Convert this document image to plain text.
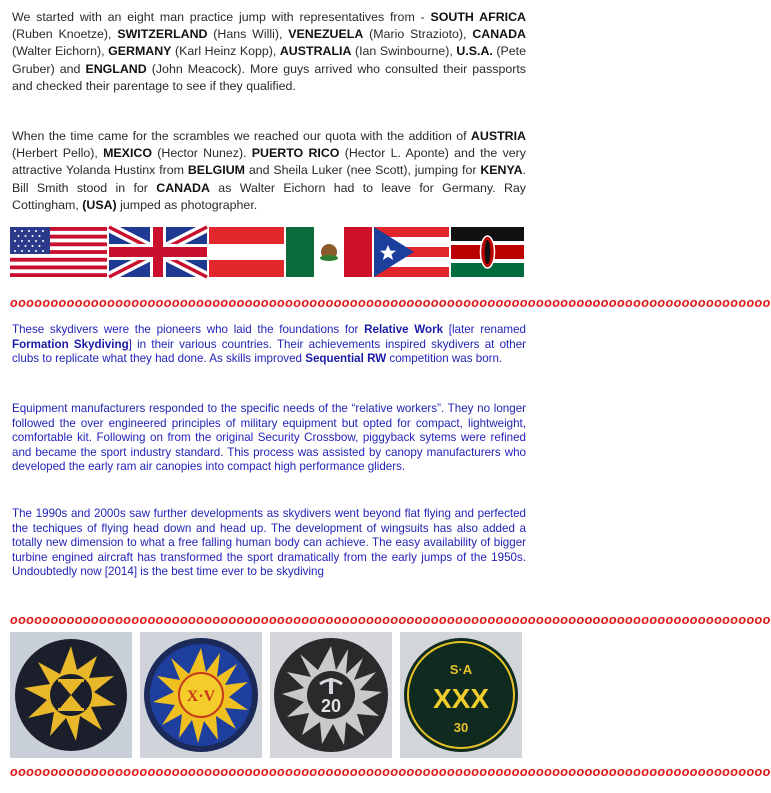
We started with an eight man practice jump with representatives from - SOUTH AFRICA (Ruben Knoetze), SWITZERLAND (Hans Willi), VENEZUELA (Mario Strazioto), CANADA (Walter Eichorn), GERMANY (Karl Heinz Kopp), AUSTRALIA (Ian Swinbourne), U.S.A. (Pete Gruber) and ENGLAND (John Meacock). More guys arrived who consulted their passports and checked their parentage to see if they qualified.

When the time came for the scrambles we reached our quota with the addition of AUSTRIA (Herbert Pello), MEXICO (Hector Nunez). PUERTO RICO (Hector L. Aponte) and the very attractive Yolanda Hustinx from BELGIUM and Sheila Luker (nee Scott), jumping for KENYA. Bill Smith stood in for CANADA as Walter Eichorn had to leave for Germany. Ray Cottingham, (USA) jumped as photographer.

oooooooooooooooooooooooooooooooooooooooooooooooooooooooooooooooooooooooooooooooooooooooooooooo

These skydivers were the pioneers who laid the foundations for Relative Work [later renamed Formation Skydiving] in their various countries. Their achievements inspired skydivers at other clubs to replicate what they had done. As skills improved Sequential RW competition was born.

Equipment manufacturers responded to the specific needs of the “relative workers”. They no longer followed the over engineered principles of military equipment but opted for compact, lightweight, comfortable kit. Following on from the original Security Crossbow, piggyback sytems were refined and became the sport industry standard. This process was assisted by canopy manufacturers who developed the early ram air canopies into compact high performance gliders.

The 1990s and 2000s saw further developments as skydivers went beyond flat flying and perfected the techiques of flying head down and head up. The development of wingsuits has also added a totally new dimension to what a free falling human body can achieve. The easy availability of bigger turbine engined aircraft has transformed the sport dramatically from the early jumps of the 1950s. Undoubtedly now [2014] is the best time ever to be skydiving

oooooooooooooooooooooooooooooooooooooooooooooooooooooooooooooooooooooooooooooooooooooooooooooo
X·V	20
S·A
XXX
30
oooooooooooooooooooooooooooooooooooooooooooooooooooooooooooooooooooooooooooooooooooooooooooooo
